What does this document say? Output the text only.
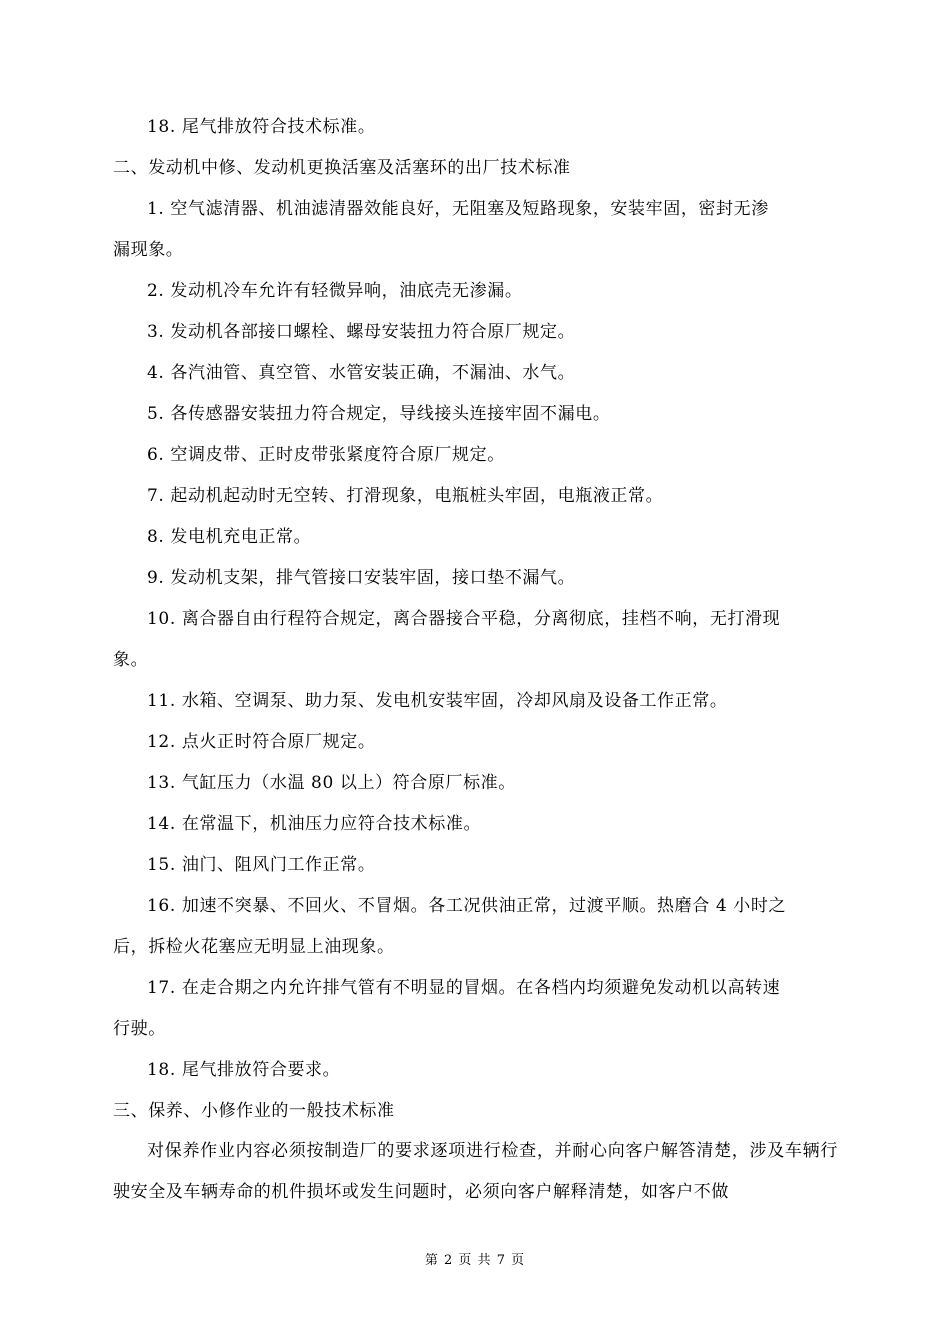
18. 尾气排放符合技术标准。
二、发动机中修、发动机更换活塞及活塞环的出厂技术标准
1. 空气滤清器、机油滤清器效能良好，无阻塞及短路现象，安装牢固，密封无渗
漏现象。
2. 发动机冷车允许有轻微异响，油底壳无渗漏。
3. 发动机各部接口螺栓、螺母安装扭力符合原厂规定。
4. 各汽油管、真空管、水管安装正确，不漏油、水气。
5. 各传感器安装扭力符合规定，导线接头连接牢固不漏电。
6. 空调皮带、正时皮带张紧度符合原厂规定。
7. 起动机起动时无空转、打滑现象，电瓶桩头牢固，电瓶液正常。
8. 发电机充电正常。
9. 发动机支架，排气管接口安装牢固，接口垫不漏气。
10. 离合器自由行程符合规定，离合器接合平稳，分离彻底，挂档不响，无打滑现
象。
11. 水箱、空调泵、助力泵、发电机安装牢固，冷却风扇及设备工作正常。
12. 点火正时符合原厂规定。
13. 气缸压力（水温 80 以上）符合原厂标准。
14. 在常温下，机油压力应符合技术标准。
15. 油门、阻风门工作正常。
16. 加速不突暴、不回火、不冒烟。各工况供油正常，过渡平顺。热磨合 4 小时之
后，拆检火花塞应无明显上油现象。
17. 在走合期之内允许排气管有不明显的冒烟。在各档内均须避免发动机以高转速
行驶。
18. 尾气排放符合要求。
三、保养、小修作业的一般技术标准
对保养作业内容必须按制造厂的要求逐项进行检查，并耐心向客户解答清楚，涉及车辆行驶安全及车辆寿命的机件损坏或发生问题时，必须向客户解释清楚，如客户不做
第 2 页 共 7 页
